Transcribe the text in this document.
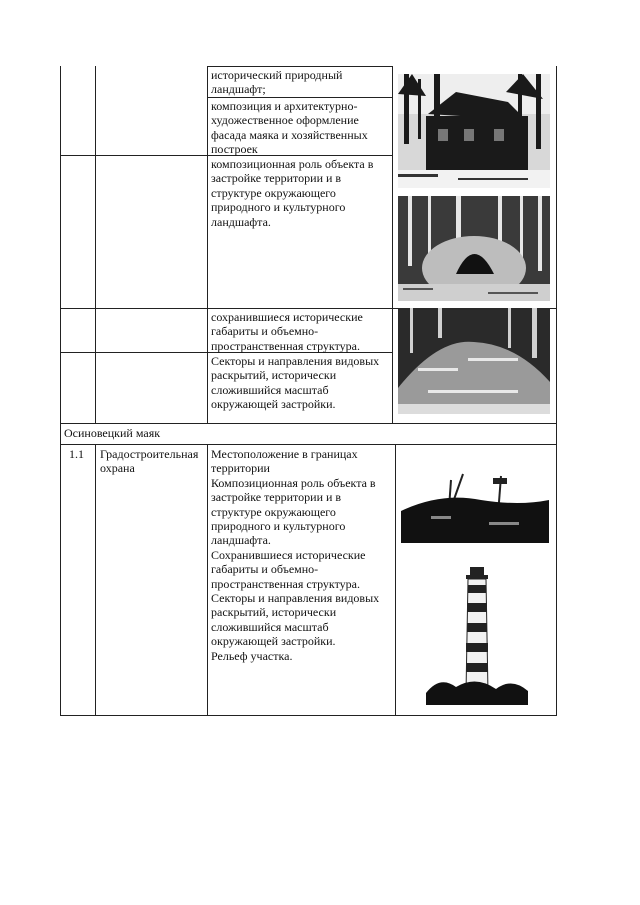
исторический природный ландшафт;
композиция и архитектурно-художественное оформление фасада маяка и хозяйственных построек
композиционная роль объекта в застройке территории и в структуре окружающего природного и культурного ландшафта.
сохранившиеся исторические габариты и объемно-пространственная структура.
Секторы и направления видовых раскрытий, исторически сложившийся масштаб окружающей застройки.
Осиновецкий маяк
1.1	Градостроительная охрана
Местоположение в границах территории
Композиционная роль объекта в застройке территории и в структуре окружающего природного и культурного ландшафта.
Сохранившиеся исторические габариты и объемно-пространственная структура.
Секторы и направления видовых раскрытий, исторически сложившийся масштаб окружающей застройки.
Рельеф участка.
